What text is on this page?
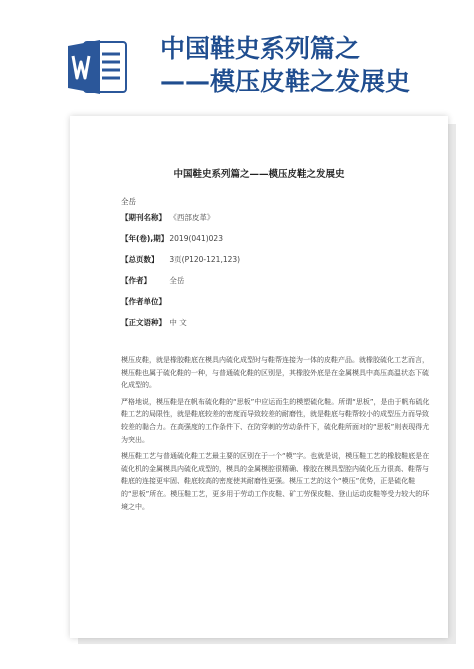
中国鞋史系列篇之
——模压皮鞋之发展史
中国鞋史系列篇之——模压皮鞋之发展史
全岳
【期刊名称】 《西部皮革》
【年(卷),期】 2019(041)023
【总页数】 3页(P120-121,123)
【作者】 全岳
【作者单位】
【正文语种】 中 文

模压皮鞋，就是橡胶鞋底在模具内硫化成型时与鞋帮连接为一体的皮鞋产品。就橡胶硫化工艺而言，模压鞋也属于硫化鞋的一种，与普通硫化鞋的区别是，其橡胶外底是在金属模具中高压高温状态下硫化成型的。

严格地说，模压鞋是在帆布硫化鞋的“思板”中应运而生的模塑硫化鞋。所谓“思板”，是由于帆布硫化鞋工艺的局限性，就是鞋底较差的密度而导致较差的耐磨性，就是鞋底与鞋帮较小的成型压力而导致较差的黏合力。在高强度的工作条件下、在防穿刺的劳动条件下，硫化鞋所面对的“思板”则表现得尤为突出。

模压鞋工艺与普通硫化鞋工艺最主要的区别在于一个“模”字。也就是说，模压鞋工艺的橡胶鞋底是在硫化机的金属模具内硫化成型的，模具的金属模腔很精确、橡胶在模具型腔内硫化压力很高、鞋帮与鞋底的连接更牢固、鞋底较高的密度使其耐磨性更强。模压工艺的这个“模压”优势，正是硫化鞋的“思板”所在。模压鞋工艺，更多用于劳动工作皮鞋、矿工劳保皮鞋、登山运动皮鞋等受力较大的环境之中。
